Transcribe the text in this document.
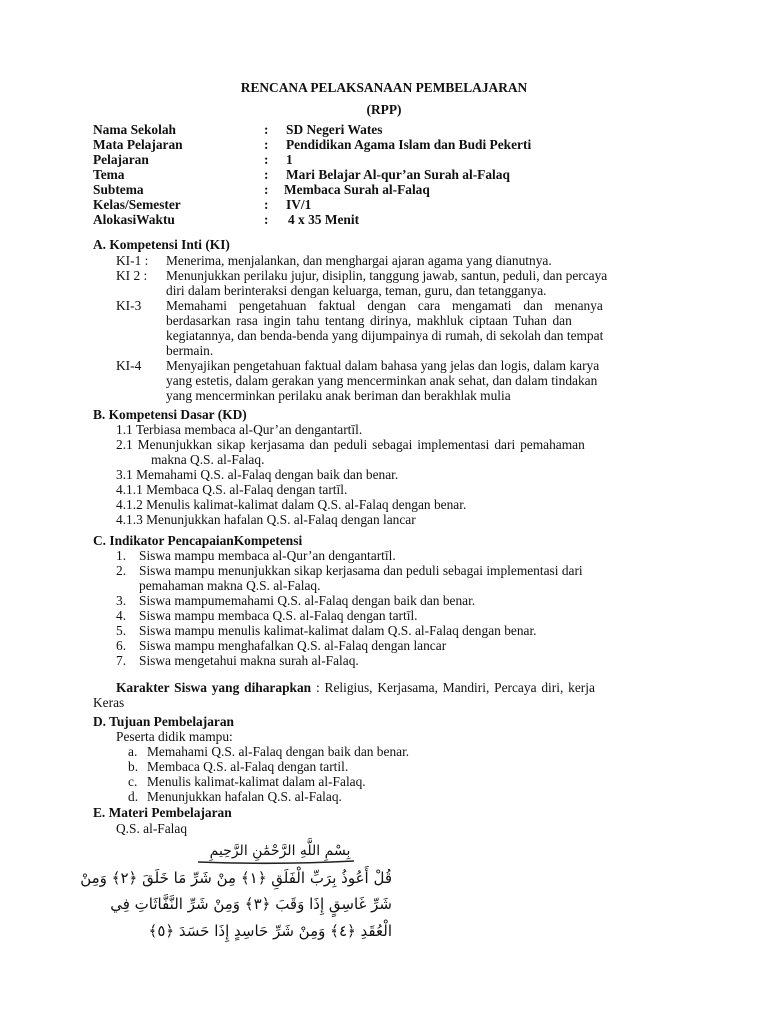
RENCANA PELAKSANAAN PEMBELAJARAN
(RPP)
Nama Sekolah	: SD Negeri Wates
Mata Pelajaran	: Pendidikan Agama Islam dan Budi Pekerti
Pelajaran	: 1
Tema	: Mari Belajar Al-qur’an Surah al-Falaq
Subtema	: Membaca Surah al-Falaq
Kelas/Semester	: IV/1
AlokasiWaktu	: 4 x 35 Menit
A. Kompetensi Inti (KI)
KI-1 : Menerima, menjalankan, dan menghargai ajaran agama yang dianutnya.
KI 2 : Menunjukkan perilaku jujur, disiplin, tanggung jawab, santun, peduli, dan percaya
diri dalam berinteraksi dengan keluarga, teman, guru, dan tetangganya.
KI-3 Memahami pengetahuan faktual dengan cara mengamati dan menanya
berdasarkan rasa ingin tahu tentang dirinya, makhluk ciptaan Tuhan dan
kegiatannya, dan benda-benda yang dijumpainya di rumah, di sekolah dan tempat
bermain.
KI-4 Menyajikan pengetahuan faktual dalam bahasa yang jelas dan logis, dalam karya
yang estetis, dalam gerakan yang mencerminkan anak sehat, dan dalam tindakan
yang mencerminkan perilaku anak beriman dan berakhlak mulia
B. Kompetensi Dasar (KD)
1.1 Terbiasa membaca al-Qur’an dengantartīl.
2.1 Menunjukkan sikap kerjasama dan peduli sebagai implementasi dari pemahaman
makna Q.S. al-Falaq.
3.1 Memahami Q.S. al-Falaq dengan baik dan benar.
4.1.1 Membaca Q.S. al-Falaq dengan tartīl.
4.1.2 Menulis kalimat-kalimat dalam Q.S. al-Falaq dengan benar.
4.1.3 Menunjukkan hafalan Q.S. al-Falaq dengan lancar
C. Indikator PencapaianKompetensi
1. Siswa mampu membaca al-Qur’an dengantartīl.
2. Siswa mampu menunjukkan sikap kerjasama dan peduli sebagai implementasi dari
pemahaman makna Q.S. al-Falaq.
3. Siswa mampumemahami Q.S. al-Falaq dengan baik dan benar.
4. Siswa mampu membaca Q.S. al-Falaq dengan tartīl.
5. Siswa mampu menulis kalimat-kalimat dalam Q.S. al-Falaq dengan benar.
6. Siswa mampu menghafalkan Q.S. al-Falaq dengan lancar
7. Siswa mengetahui makna surah al-Falaq.
Karakter Siswa yang diharapkan : Religius, Kerjasama, Mandiri, Percaya diri, kerja
Keras
D. Tujuan Pembelajaran
Peserta didik mampu:
a. Memahami Q.S. al-Falaq dengan baik dan benar.
b. Membaca Q.S. al-Falaq dengan tartil.
c. Menulis kalimat-kalimat dalam al-Falaq.
d. Menunjukkan hafalan Q.S. al-Falaq.
E. Materi Pembelajaran
Q.S. al-Falaq
بِسْمِ اللَّهِ الرَّحْمَٰنِ الرَّحِيمِ
قُلْ أَعُوذُ بِرَبِّ الْفَلَقِ ﴿١﴾ مِنْ شَرِّ مَا خَلَقَ ﴿٢﴾ وَمِنْ
شَرِّ غَاسِقٍ إِذَا وَقَبَ ﴿٣﴾ وَمِنْ شَرِّ النَّفَّاثَاتِ فِي
الْعُقَدِ ﴿٤﴾ وَمِنْ شَرِّ حَاسِدٍ إِذَا حَسَدَ ﴿٥﴾
